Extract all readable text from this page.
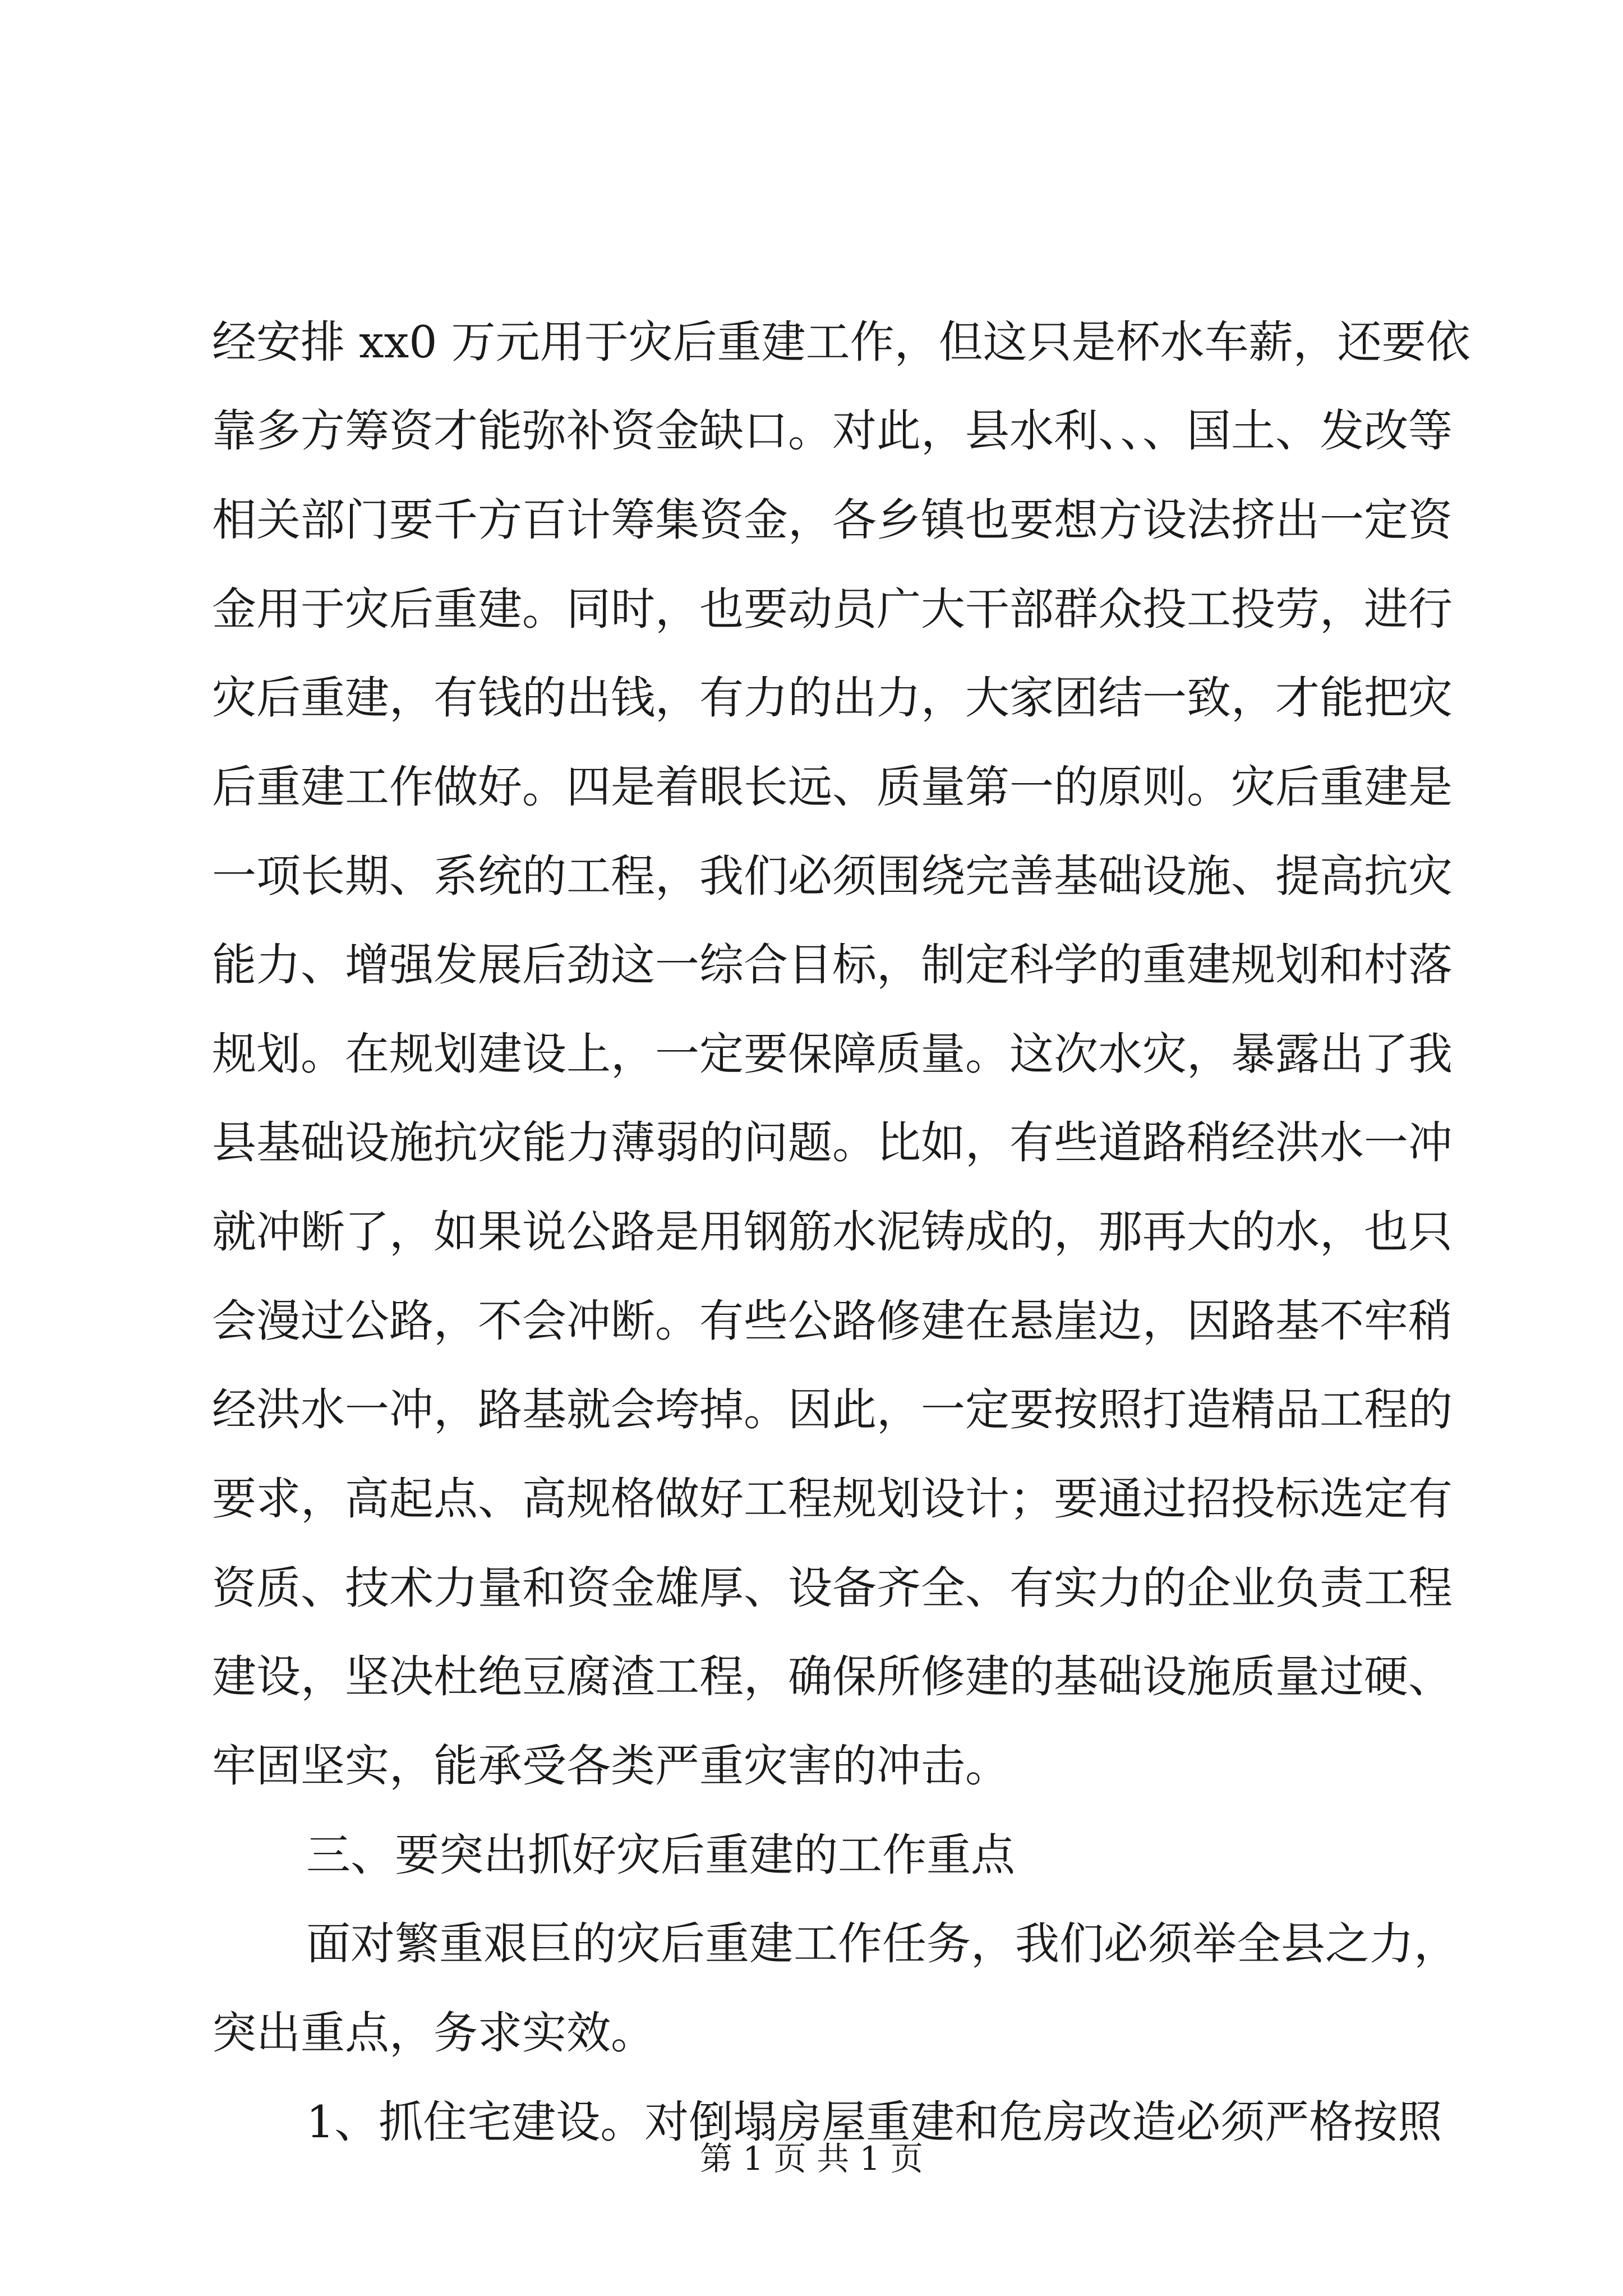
经安排 xx0 万元用于灾后重建工作，但这只是杯水车薪，还要依
靠多方筹资才能弥补资金缺口。对此，县水利、、、国土、发改等
相关部门要千方百计筹集资金，各乡镇也要想方设法挤出一定资
金用于灾后重建。同时，也要动员广大干部群众投工投劳，进行
灾后重建，有钱的出钱，有力的出力，大家团结一致，才能把灾
后重建工作做好。四是着眼长远、质量第一的原则。灾后重建是
一项长期、系统的工程，我们必须围绕完善基础设施、提高抗灾
能力、增强发展后劲这一综合目标，制定科学的重建规划和村落
规划。在规划建设上，一定要保障质量。这次水灾，暴露出了我
县基础设施抗灾能力薄弱的问题。比如，有些道路稍经洪水一冲
就冲断了，如果说公路是用钢筋水泥铸成的，那再大的水，也只
会漫过公路，不会冲断。有些公路修建在悬崖边，因路基不牢稍
经洪水一冲，路基就会垮掉。因此，一定要按照打造精品工程的
要求，高起点、高规格做好工程规划设计；要通过招投标选定有
资质、技术力量和资金雄厚、设备齐全、有实力的企业负责工程
建设，坚决杜绝豆腐渣工程，确保所修建的基础设施质量过硬、
牢固坚实，能承受各类严重灾害的冲击。
三、要突出抓好灾后重建的工作重点
面对繁重艰巨的灾后重建工作任务，我们必须举全县之力，
突出重点，务求实效。
1、抓住宅建设。对倒塌房屋重建和危房改造必须严格按照
第 1 页 共 1 页
